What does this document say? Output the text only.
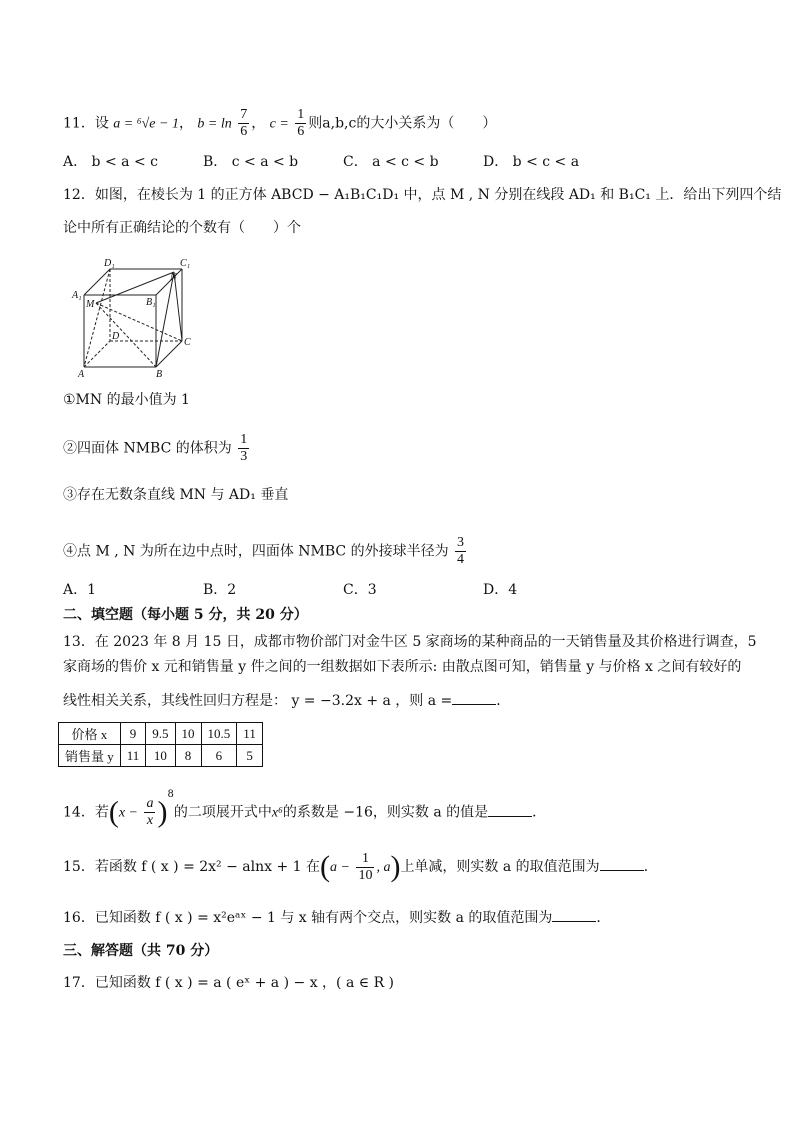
11．设 a = ⁶√e − 1， $b = \ln \frac{7}{6}$ ， $c = \frac{1}{6}$ 则a,b,c的大小关系为（　　）
A． b < a < c	B． c < a < b	C． a < c < b	D． b < c < a
12．如图，在棱长为 1 的正方体 ABCD − A₁B₁C₁D₁ 中，点 M , N 分别在线段 AD₁ 和 B₁C₁ 上．给出下列四个结
论中所有正确结论的个数有（　　）个
D₁	C₁
N
A₁
M	B₁
D
C
A	B
①MN 的最小值为 1
②四面体 NMBC 的体积为 $\frac{1}{3}$
③存在无数条直线 MN 与 AD₁ 垂直
④点 M , N 为所在边中点时，四面体 NMBC 的外接球半径为 $\frac{3}{4}$
A．1	B．2	C．3	D．4
二、填空题（每小题 5 分，共 20 分）
13．在 2023 年 8 月 15 日，成都市物价部门对金牛区 5 家商场的某种商品的一天销售量及其价格进行调查，5
家商场的售价 x 元和销售量 y 件之间的一组数据如下表所示: 由散点图可知，销售量 y 与价格 x 之间有较好的
线性相关关系，其线性回归方程是： y = −3.2x + a ，则 a =	．
价格 x	9	9.5	10	10.5	11
销售量 y	11	10	8	6	5
14．若$(x - \frac{a}{x} )^8$的二项展开式中x⁶的系数是 −16，则实数 a 的值是	．
15．若函数 f ( x ) = 2x² − alnx + 1 在($a - \frac{1}{10}$ , a)上单减，则实数 a 的取值范围为	．
16．已知函数 f ( x ) = x²eᵃˣ − 1 与 x 轴有两个交点，则实数 a 的取值范围为	．
三、解答题（共 70 分）
17．已知函数 f ( x ) = a ( eˣ + a ) − x ，( a ∈ R )
